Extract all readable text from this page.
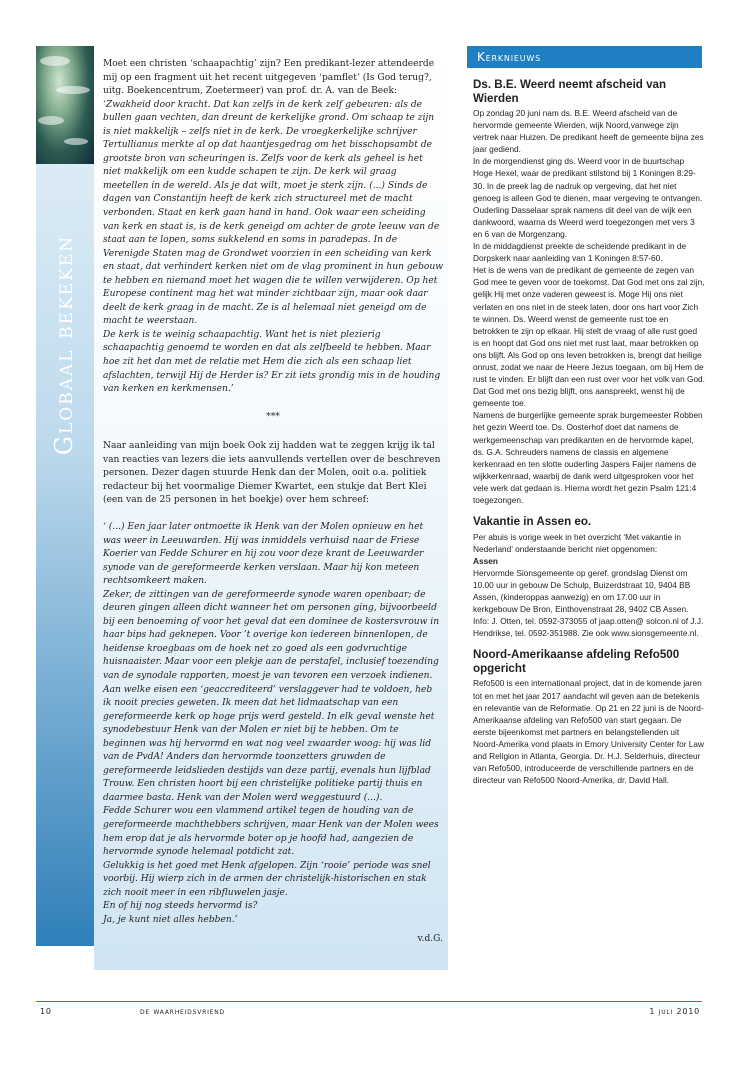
Globaal bekeken

Moet een christen ‘schaapachtig’ zijn? Een predikant-lezer attendeerde mij op een fragment uit het recent uitgegeven ‘pamflet’ (Is God terug?, uitg. Boekencentrum, Zoetermeer) van prof. dr. A. van de Beek:

‘Zwakheid door kracht. Dat kan zelfs in de kerk zelf gebeuren: als de bullen gaan vechten, dan dreunt de kerkelijke grond. Om schaap te zijn is niet makkelijk – zelfs niet in de kerk. De vroegkerkelijke schrijver Tertullianus merkte al op dat haantjesgedrag om het bisschopsambt de grootste bron van scheuringen is. Zelfs voor de kerk als geheel is het niet makkelijk om een kudde schapen te zijn. De kerk wil graag meetellen in de wereld. Als je dat wilt, moet je sterk zijn. (...) Sinds de dagen van Constantijn heeft de kerk zich structureel met de macht verbonden. Staat en kerk gaan hand in hand. Ook waar een scheiding van kerk en staat is, is de kerk geneigd om achter de grote leeuw van de staat aan te lopen, soms sukkelend en soms in paradepas. In de Verenigde Staten mag de Grondwet voorzien in een scheiding van kerk en staat, dat verhindert kerken niet om de vlag prominent in hun gebouw te hebben en niemand moet het wagen die te willen verwijderen. Op het Europese continent mag het wat minder zichtbaar zijn, maar ook daar deelt de kerk graag in de macht. Ze is al helemaal niet geneigd om de macht te weerstaan.

De kerk is te weinig schaapachtig. Want het is niet plezierig schaapachtig genoemd te worden en dat als zelfbeeld te hebben. Maar hoe zit het dan met de relatie met Hem die zich als een schaap liet afslachten, terwijl Hij de Herder is? Er zit iets grondig mis in de houding van kerken en kerkmensen.’

***

Naar aanleiding van mijn boek Ook zij hadden wat te zeggen krijg ik tal van reacties van lezers die iets aanvullends vertellen over de beschreven personen. Dezer dagen stuurde Henk dan der Molen, ooit o.a. politiek redacteur bij het voormalige Diemer Kwartet, een stukje dat Bert Klei (een van de 25 personen in het boekje) over hem schreef:

‘ (...) Een jaar later ontmoette ik Henk van der Molen opnieuw en het was weer in Leeuwarden. Hij was inmiddels verhuisd naar de Friese Koerier van Fedde Schurer en hij zou voor deze krant de Leeuwarder synode van de gereformeerde kerken verslaan. Maar hij kon meteen rechtsomkeert maken.

Zeker, de zittingen van de gereformeerde synode waren openbaar; de deuren gingen alleen dicht wanneer het om personen ging, bijvoorbeeld bij een benoeming of voor het geval dat een dominee de kostersvrouw in haar bips had geknepen. Voor ’t overige kon iedereen binnenlopen, de heidense kroegbaas om de hoek net zo goed als een godvruchtige huisnaaister. Maar voor een plekje aan de perstafel, inclusief toezending van de synodale rapporten, moest je van tevoren een verzoek indienen.

Aan welke eisen een ‘geaccrediteerd’ verslaggever had te voldoen, heb ik nooit precies geweten. Ik meen dat het lidmaatschap van een gereformeerde kerk op hoge prijs werd gesteld. In elk geval wenste het synodebestuur Henk van der Molen er niet bij te hebben. Om te beginnen was hij hervormd en wat nog veel zwaarder woog: hij was lid van de PvdA! Anders dan hervormde toonzetters gruwden de gereformeerde leidslieden destijds van deze partij, evenals hun lijfblad Trouw. Een christen hoort bij een christelijke politieke partij thuis en daarmee basta. Henk van der Molen werd weggestuurd (...).

Fedde Schurer wou een vlammend artikel tegen de houding van de gereformeerde machthebbers schrijven, maar Henk van der Molen wees hem erop dat je als hervormde boter op je hoofd had, aangezien de hervormde synode helemaal potdicht zat.

Gelukkig is het goed met Henk afgelopen. Zijn ‘rooie’ periode was snel voorbij. Hij wierp zich in de armen der christelijk-historischen en stak zich nooit meer in een ribfluwelen jasje.

En of hij nog steeds hervormd is?

Ja, je kunt niet alles hebben.’

v.d.G.

Kerknieuws
Ds. B.E. Weerd neemt afscheid van Wierden

Op zondag 20 juni nam ds. B.E. Weerd afscheid van de hervormde gemeente Wierden, wijk Noord,vanwege zijn vertrek naar Huizen. De predikant heeft de gemeente bijna zes jaar gediend.

In de morgendienst ging ds. Weerd voor in de buurtschap Hoge Hexel, waar de predikant stilstond bij 1 Koningen 8:29-30. In de preek lag de nadruk op vergeving, dat het niet genoeg is alleen God te dienen, maar vergeving te ontvangen. Ouderling Dasselaar sprak namens dit deel van de wijk een dankwoord, waarna ds Weerd werd toegezongen met vers 3 en 6 van de Morgenzang.

In de middagdienst preekte de scheidende predikant in de Dorpskerk naar aanleiding van 1 Koningen 8:57-60.

Het is de wens van de predikant de gemeente de zegen van God mee te geven voor de toekomst. Dat God met ons zal zijn, gelijk Hij met onze vaderen geweest is. Moge Hij ons niet verlaten en ons niet in de steek laten, door ons hart voor Zich te winnen. Ds. Weerd wenst de gemeente rust toe en betrokken te zijn op elkaar. Hij stelt de vraag of alle rust goed is en hoopt dat God ons niet met rust laat, maar betrokken op ons blijft. Als God op ons leven betrokken is, brengt dat heilige onrust, zodat we naar de Heere Jezus toegaan, om bij Hem de rust te vinden. Er blijft dan een rust over voor het volk van God. Dat God met ons bezig blijft, ons aanspreekt, wenst hij de gemeente toe.

Namens de burgerlijke gemeente sprak burgemeester Robben het gezin Weerd toe. Ds. Oosterhof doet dat namens de werkgemeenschap van predikanten en de hervormde kapel, ds. G.A. Schreuders namens de classis en algemene kerkenraad en ten slotte ouderling Jaspers Faijer namens de wijkkerkenraad, waarbij de dank werd uitgesproken voor het vele werk dat gedaan is. Hierna wordt het gezin Psalm 121:4 toegezongen.

Vakantie in Assen eo.

Per abuis is vorige week in het overzicht ‘Met vakantie in Nederland’ onderstaande bericht niet opgenomen:

Assen

Hervormde Sionsgemeente op geref. grondslag Dienst om 10.00 uur in gebouw De Schulp, Buizerdstraat 10, 9404 BB Assen, (kinderoppas aanwezig) en om 17.00 uur in kerkgebouw De Bron, Einthovenstraat 28, 9402 CB Assen. Info: J. Otten, tel. 0592-373055 of jaap.otten@ solcon.nl of J.J. Hendrikse, tel. 0592-351988. Zie ook www.sionsgemeente.nl.

Noord-Amerikaanse afdeling Refo500 opgericht

Refo500 is een internationaal project, dat in de komende jaren tot en met het jaar 2017 aandacht wil geven aan de betekenis en relevantie van de Reformatie. Op 21 en 22 juni is de Noord-Amerikaanse afdeling van Refo500 van start gegaan. De eerste bijeenkomst met partners en belangstellenden uit Noord-Amerika vond plaats in Emory University Center for Law and Religion in Atlanta, Georgia. Dr. H.J. Selderhuis, directeur van Refo500, introduceerde de verschillende partners en de directeur van Refo500 Noord-Amerika, dr. David Hall.

10	de waarheidsvriend	1 juli 2010
